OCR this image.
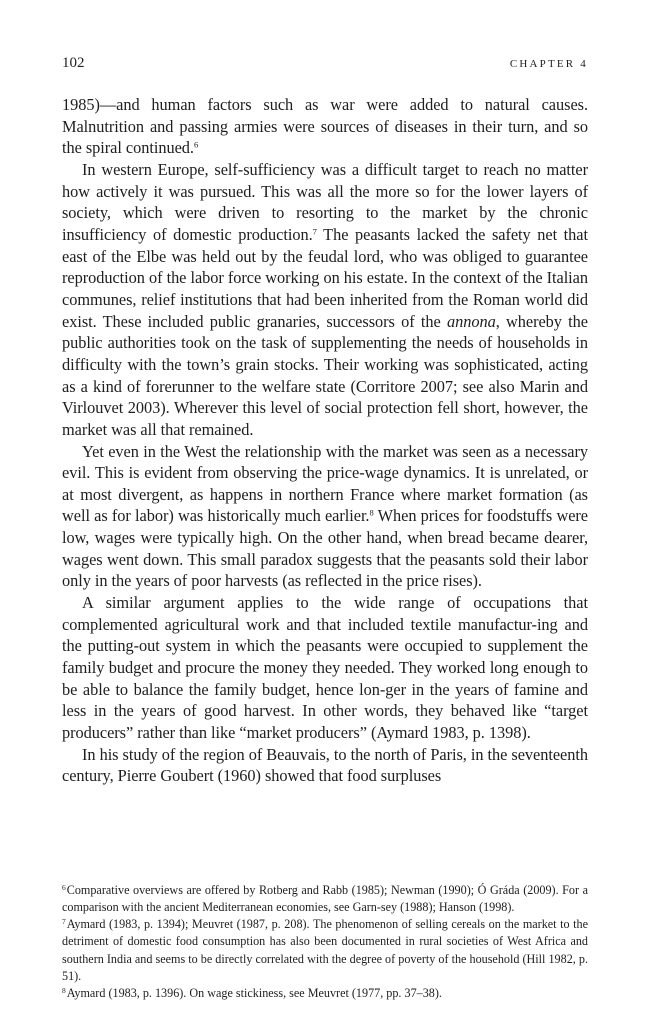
102	CHAPTER 4

1985)—and human factors such as war were added to natural causes. Malnutrition and passing armies were sources of diseases in their turn, and so the spiral continued.$^6$

In western Europe, self-sufficiency was a difficult target to reach no matter how actively it was pursued. This was all the more so for the lower layers of society, which were driven to resorting to the market by the chronic insufficiency of domestic production.$^7$ The peasants lacked the safety net that east of the Elbe was held out by the feudal lord, who was obliged to guarantee reproduction of the labor force working on his estate. In the context of the Italian communes, relief institutions that had been inherited from the Roman world did exist. These included public granaries, successors of the annona, whereby the public authorities took on the task of supplementing the needs of households in difficulty with the town’s grain stocks. Their working was sophisticated, acting as a kind of forerunner to the welfare state (Corritore 2007; see also Marin and Virlouvet 2003). Wherever this level of social protection fell short, however, the market was all that remained.

Yet even in the West the relationship with the market was seen as a necessary evil. This is evident from observing the price-wage dynamics. It is unrelated, or at most divergent, as happens in northern France where market formation (as well as for labor) was historically much earlier.$^8$ When prices for foodstuffs were low, wages were typically high. On the other hand, when bread became dearer, wages went down. This small paradox suggests that the peasants sold their labor only in the years of poor harvests (as reflected in the price rises).

A similar argument applies to the wide range of occupations that complemented agricultural work and that included textile manufactur-ing and the putting-out system in which the peasants were occupied to supplement the family budget and procure the money they needed. They worked long enough to be able to balance the family budget, hence lon-ger in the years of famine and less in the years of good harvest. In other words, they behaved like “target producers” rather than like “market producers” (Aymard 1983, p. 1398).

In his study of the region of Beauvais, to the north of Paris, in the seventeenth century, Pierre Goubert (1960) showed that food surpluses

$^6$Comparative overviews are offered by Rotberg and Rabb (1985); Newman (1990); Ó Gráda (2009). For a comparison with the ancient Mediterranean economies, see Garn-sey (1988); Hanson (1998).
$^7$Aymard (1983, p. 1394); Meuvret (1987, p. 208). The phenomenon of selling cereals on the market to the detriment of domestic food consumption has also been documented in rural societies of West Africa and southern India and seems to be directly correlated with the degree of poverty of the household (Hill 1982, p. 51).
$^8$Aymard (1983, p. 1396). On wage stickiness, see Meuvret (1977, pp. 37–38).
